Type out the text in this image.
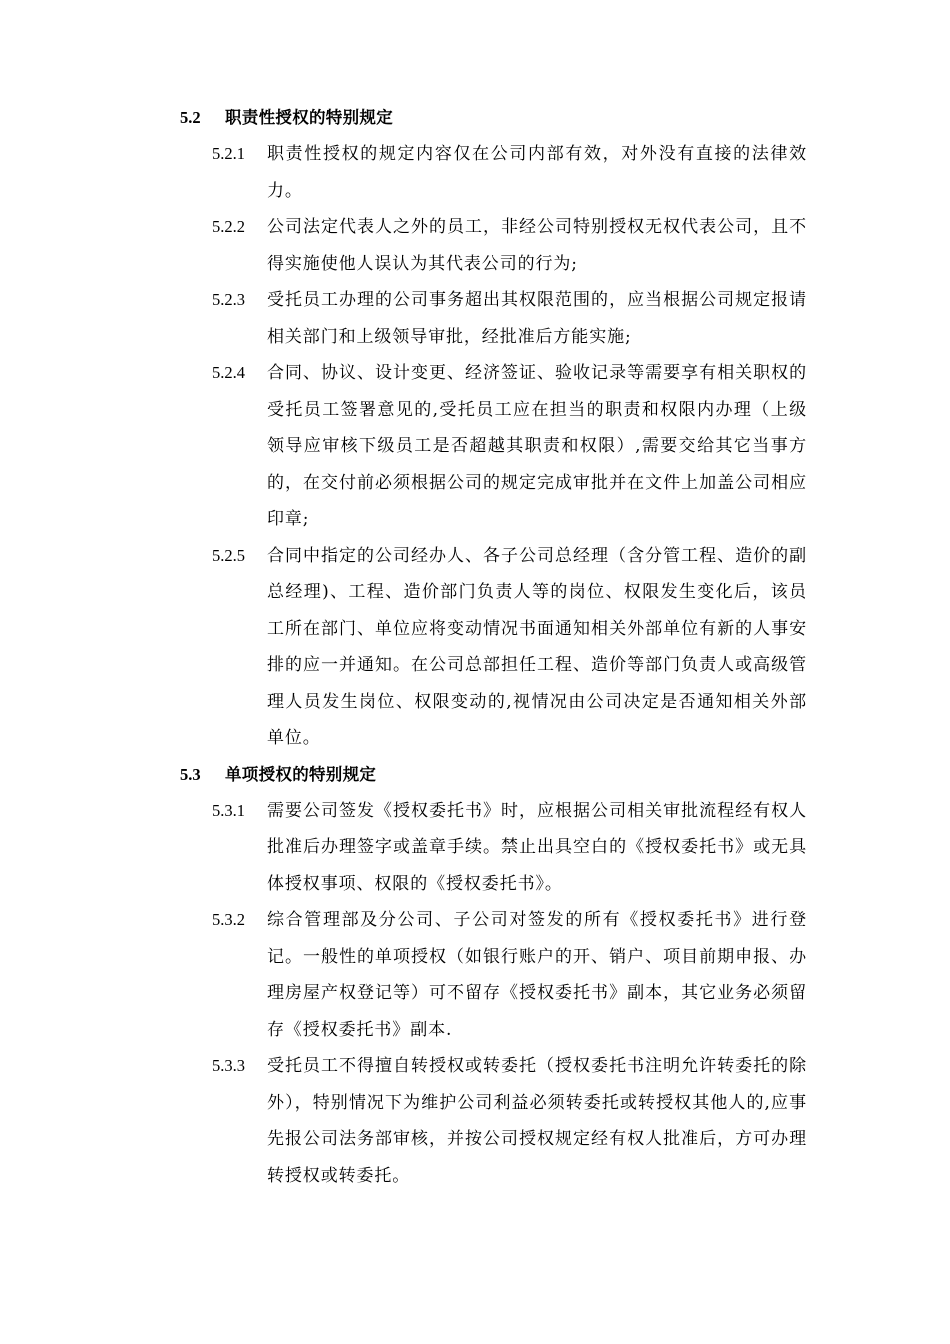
5.2	职责性授权的特别规定
5.2.1	职责性授权的规定内容仅在公司内部有效，对外没有直接的法律效力。
5.2.2	公司法定代表人之外的员工，非经公司特别授权无权代表公司，且不得实施使他人误认为其代表公司的行为;
5.2.3	受托员工办理的公司事务超出其权限范围的，应当根据公司规定报请相关部门和上级领导审批，经批准后方能实施;
5.2.4	合同、协议、设计变更、经济签证、验收记录等需要享有相关职权的受托员工签署意见的,受托员工应在担当的职责和权限内办理（上级领导应审核下级员工是否超越其职责和权限）,需要交给其它当事方的，在交付前必须根据公司的规定完成审批并在文件上加盖公司相应印章;
5.2.5	合同中指定的公司经办人、各子公司总经理（含分管工程、造价的副总经理)、工程、造价部门负责人等的岗位、权限发生变化后，该员工所在部门、单位应将变动情况书面通知相关外部单位有新的人事安排的应一并通知。在公司总部担任工程、造价等部门负责人或高级管理人员发生岗位、权限变动的,视情况由公司决定是否通知相关外部单位。
5.3	单项授权的特别规定
5.3.1	需要公司签发《授权委托书》时，应根据公司相关审批流程经有权人批准后办理签字或盖章手续。禁止出具空白的《授权委托书》或无具体授权事项、权限的《授权委托书》。
5.3.2	综合管理部及分公司、子公司对签发的所有《授权委托书》进行登记。一般性的单项授权（如银行账户的开、销户、项目前期申报、办理房屋产权登记等）可不留存《授权委托书》副本，其它业务必须留存《授权委托书》副本.
5.3.3	受托员工不得擅自转授权或转委托（授权委托书注明允许转委托的除外），特别情况下为维护公司利益必须转委托或转授权其他人的,应事先报公司法务部审核，并按公司授权规定经有权人批准后，方可办理转授权或转委托。
